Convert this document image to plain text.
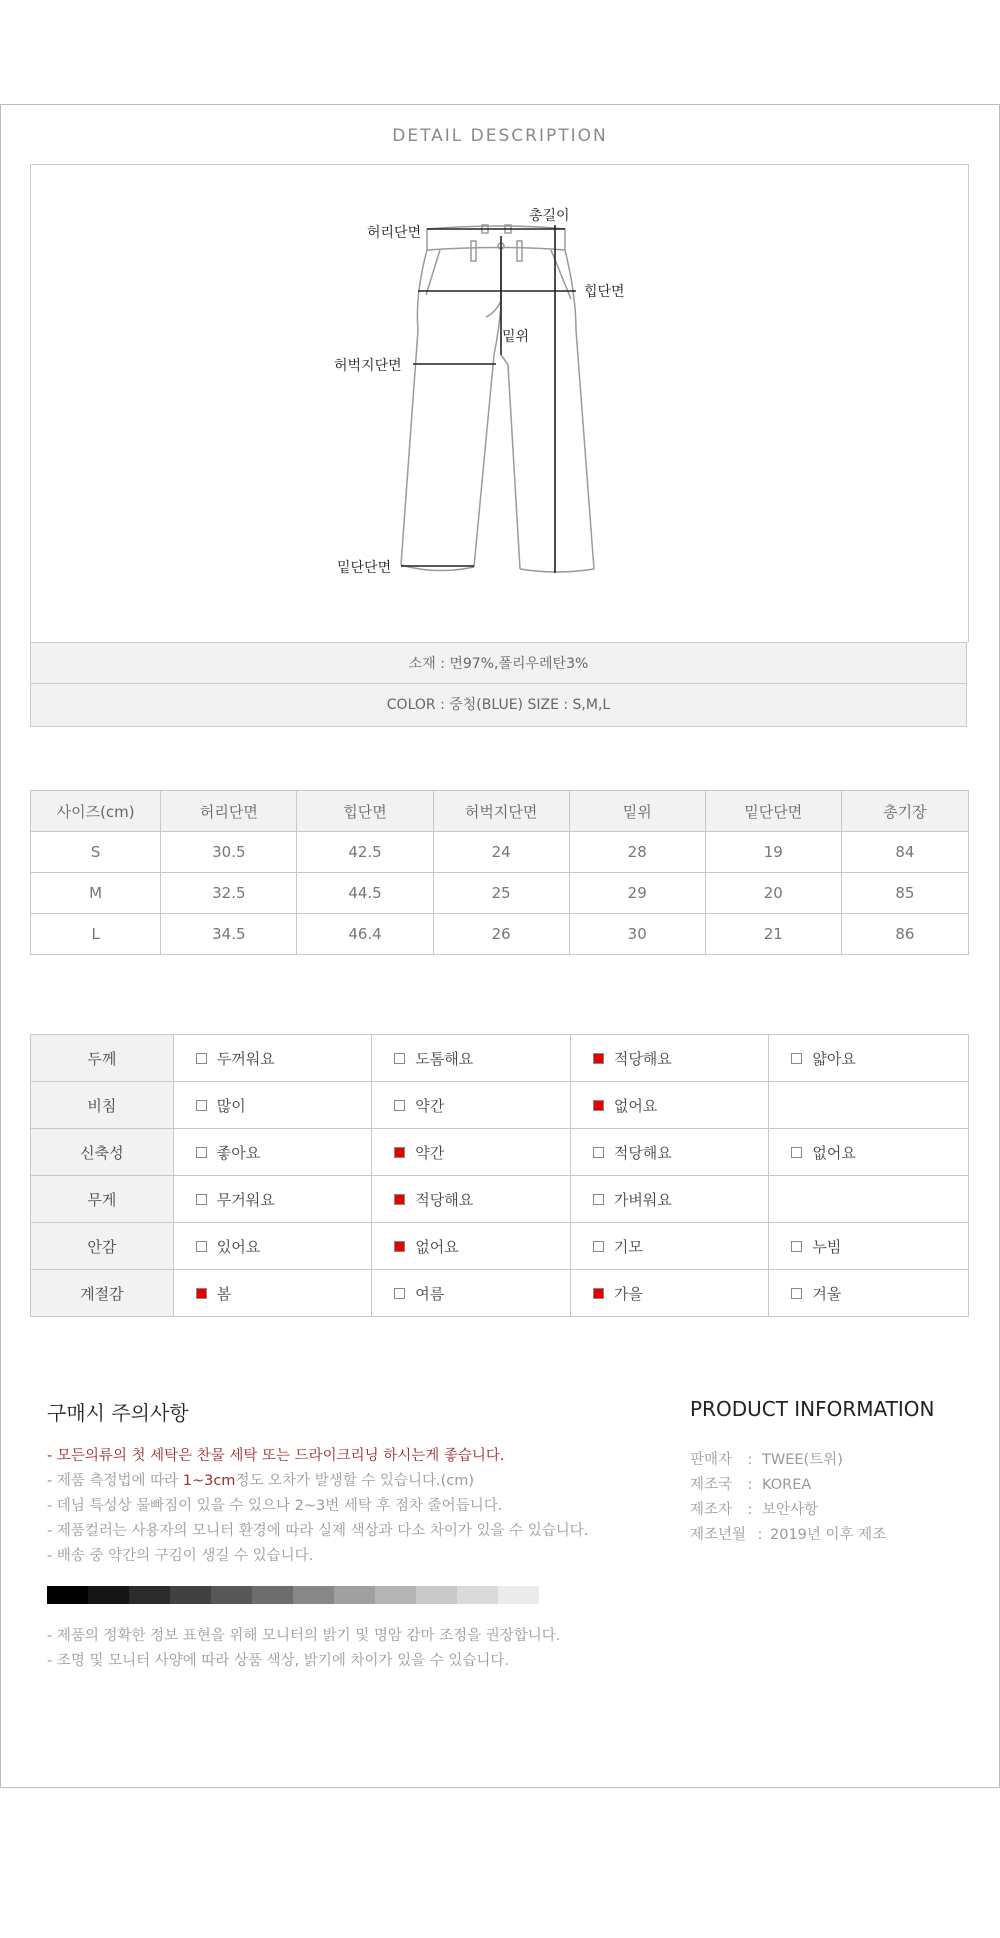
DETAIL DESCRIPTION
총길이
허리단면
힙단면
밑위
허벅지단면
밑단단면
소재 : 면97%,폴리우레탄3%
COLOR : 중청(BLUE) SIZE : S,M,L
사이즈(cm)	허리단면	힙단면	허벅지단면	밑위	밑단단면	총기장
S	30.5	42.5	24	28	19	84
M	32.5	44.5	25	29	20	85
L	34.5	46.4	26	30	21	86
두께	두꺼워요	도톰해요	적당해요	얇아요
비침	많이	약간	없어요	
신축성	좋아요	약간	적당해요	없어요
무게	무거워요	적당해요	가벼워요	
안감	있어요	없어요	기모	누빔
계절감	봄	여름	가을	겨울
구매시 주의사항
- 모든의류의 첫 세탁은 찬물 세탁 또는 드라이크리닝 하시는게 좋습니다.
- 제품 측정법에 따라 1~3cm정도 오차가 발생할 수 있습니다.(cm)
- 데님 특성상 물빠짐이 있을 수 있으나 2~3번 세탁 후 점차 줄어듭니다.
- 제품컬러는 사용자의 모니터 환경에 따라 실제 색상과 다소 차이가 있을 수 있습니다.
- 배송 중 약간의 구김이 생길 수 있습니다.
- 제품의 정확한 정보 표현을 위해 모니터의 밝기 및 명암 감마 조정을 권장합니다.
- 조명 및 모니터 사양에 따라 상품 색상, 밝기에 차이가 있을 수 있습니다.
PRODUCT INFORMATION
판매자 : TWEE(트위)
제조국 : KOREA
제조자 : 보안사항
제조년월 : 2019년 이후 제조
